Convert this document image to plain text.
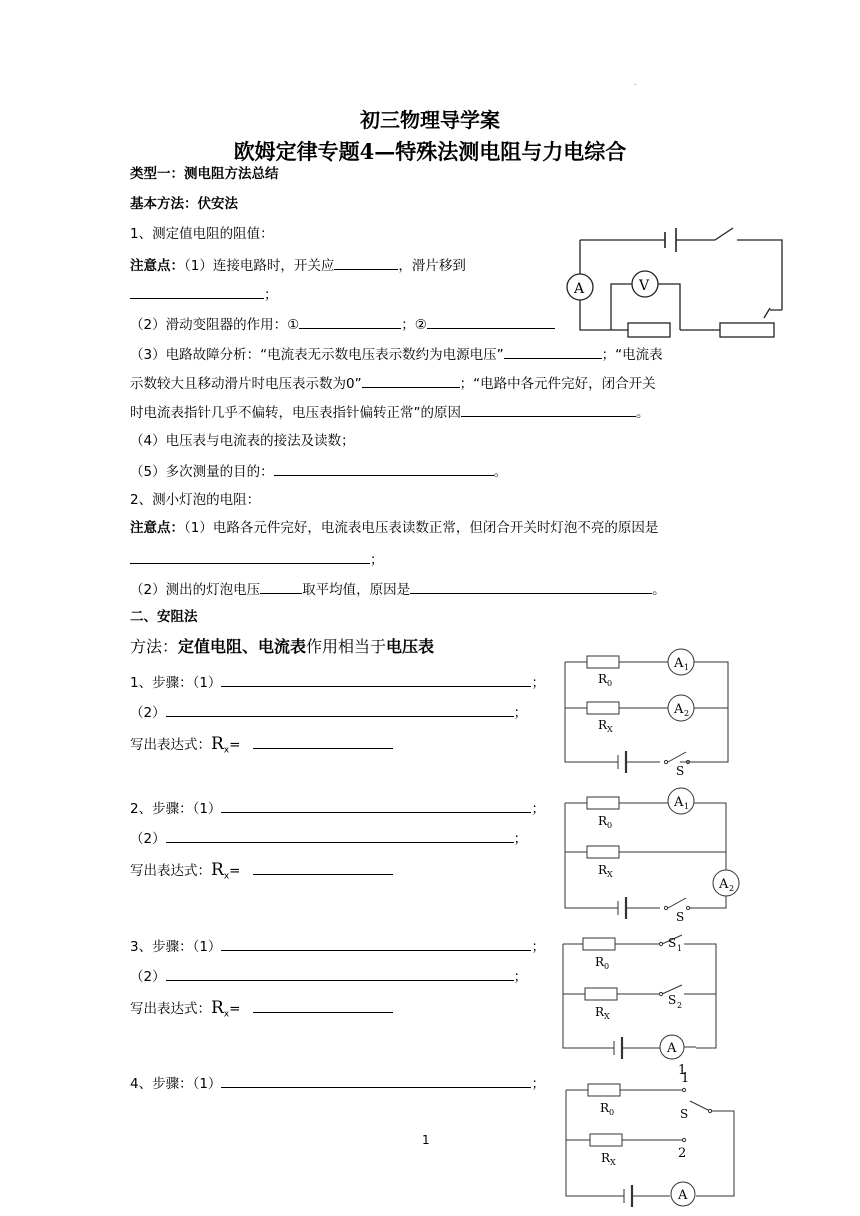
.
初三物理导学案
欧姆定律专题4—特殊法测电阻与力电综合
类型一：测电阻方法总结
基本方法：伏安法
1、测定值电阻的阻值：
注意点：（1）连接电路时，开关应	，滑片移到
；
（2）滑动变阻器的作用：①	；②
（3）电路故障分析：“电流表无示数电压表示数约为电源电压”	；“电流表
示数较大且移动滑片时电压表示数为0”	；“电路中各元件完好，闭合开关
时电流表指针几乎不偏转，电压表指针偏转正常”的原因	。
（4）电压表与电流表的接法及读数；
（5）多次测量的目的：	。
2、测小灯泡的电阻：
注意点：（1）电路各元件完好，电流表电压表读数正常，但闭合开关时灯泡不亮的原因是
；
（2）测出的灯泡电压	取平均值，原因是	。
二、安阻法
方法：定值电阻、电流表作用相当于电压表
1、步骤：（1）	；
（2）	；
写出表达式：$R_x=$
2、步骤：（1）	；
（2）	；
写出表达式：$R_x=$
3、步骤：（1）	；
（2）	；
写出表达式：$R_x=$
4、步骤：（1）	；
1
A	V
A 1
A 2
R 0
R X
S
A 1
A 2
R 0
R X
S
S 1
S 2
R 0
R X
A
1
1
S
2
R 0
R X
A
